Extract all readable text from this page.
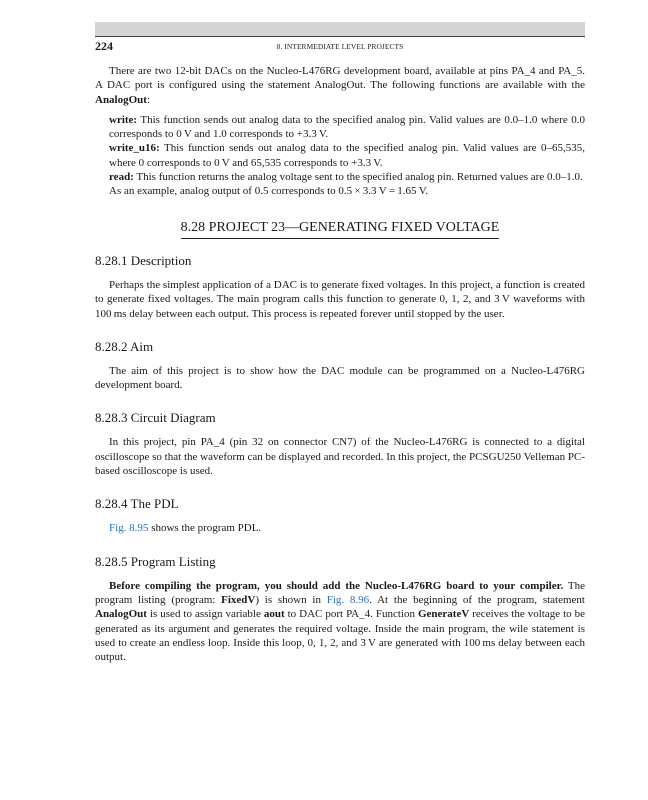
224	8. INTERMEDIATE LEVEL PROJECTS

There are two 12-bit DACs on the Nucleo-L476RG development board, available at pins PA_4 and PA_5. A DAC port is configured using the statement AnalogOut. The following functions are available with the AnalogOut:

write: This function sends out analog data to the specified analog pin. Valid values are 0.0–1.0 where 0.0 corresponds to 0 V and 1.0 corresponds to +3.3 V.

write_u16: This function sends out analog data to the specified analog pin. Valid values are 0–65,535, where 0 corresponds to 0 V and 65,535 corresponds to +3.3 V.

read: This function returns the analog voltage sent to the specified analog pin. Returned values are 0.0–1.0.

As an example, analog output of 0.5 corresponds to 0.5 × 3.3 V = 1.65 V.

8.28 PROJECT 23—GENERATING FIXED VOLTAGE
8.28.1 Description

Perhaps the simplest application of a DAC is to generate fixed voltages. In this project, a function is created to generate fixed voltages. The main program calls this function to generate 0, 1, 2, and 3 V waveforms with 100 ms delay between each output. This process is repeated forever until stopped by the user.

8.28.2 Aim

The aim of this project is to show how the DAC module can be programmed on a Nucleo-L476RG development board.

8.28.3 Circuit Diagram

In this project, pin PA_4 (pin 32 on connector CN7) of the Nucleo-L476RG is connected to a digital oscilloscope so that the waveform can be displayed and recorded. In this project, the PCSGU250 Velleman PC-based oscilloscope is used.

8.28.4 The PDL

Fig. 8.95 shows the program PDL.

8.28.5 Program Listing

Before compiling the program, you should add the Nucleo-L476RG board to your compiler. The program listing (program: FixedV) is shown in Fig. 8.96. At the beginning of the program, statement AnalogOut is used to assign variable aout to DAC port PA_4. Function GenerateV receives the voltage to be generated as its argument and generates the required voltage. Inside the main program, the wile statement is used to create an endless loop. Inside this loop, 0, 1, 2, and 3 V are generated with 100 ms delay between each output.
